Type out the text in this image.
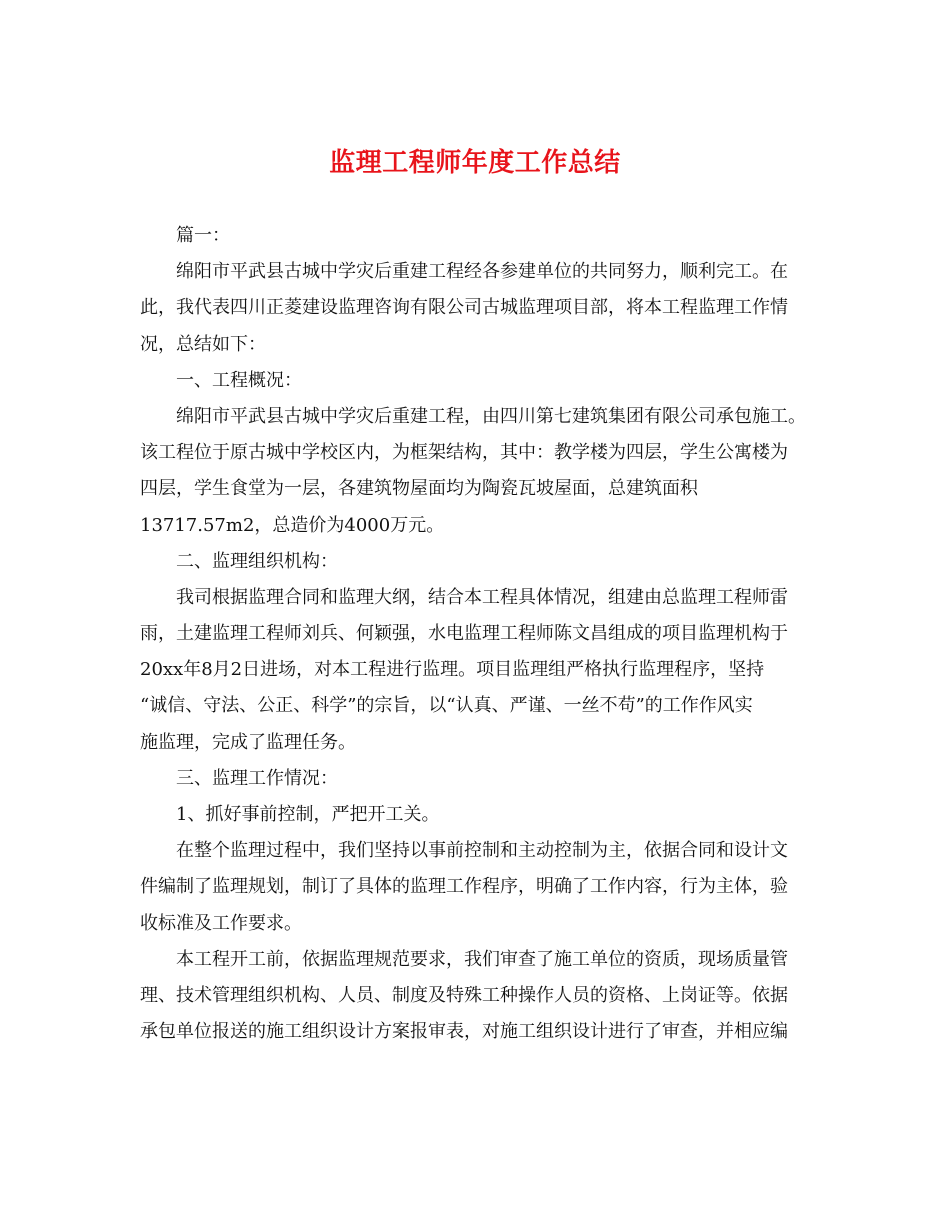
监理工程师年度工作总结
篇一：
绵阳市平武县古城中学灾后重建工程经各参建单位的共同努力，顺利完工。在
此，我代表四川正菱建设监理咨询有限公司古城监理项目部，将本工程监理工作情
况，总结如下：
一、工程概况：
绵阳市平武县古城中学灾后重建工程，由四川第七建筑集团有限公司承包施工。
该工程位于原古城中学校区内，为框架结构，其中：教学楼为四层，学生公寓楼为
四层，学生食堂为一层，各建筑物屋面均为陶瓷瓦坡屋面，总建筑面积
13717.57m2，总造价为4000万元。
二、监理组织机构：
我司根据监理合同和监理大纲，结合本工程具体情况，组建由总监理工程师雷
雨，土建监理工程师刘兵、何颖强，水电监理工程师陈文昌组成的项目监理机构于
20xx年8月2日进场，对本工程进行监理。项目监理组严格执行监理程序，坚持
“诚信、守法、公正、科学”的宗旨，以“认真、严谨、一丝不苟”的工作作风实
施监理，完成了监理任务。
三、监理工作情况：
1、抓好事前控制，严把开工关。
在整个监理过程中，我们坚持以事前控制和主动控制为主，依据合同和设计文
件编制了监理规划，制订了具体的监理工作程序，明确了工作内容，行为主体，验
收标准及工作要求。
本工程开工前，依据监理规范要求，我们审查了施工单位的资质，现场质量管
理、技术管理组织机构、人员、制度及特殊工种操作人员的资格、上岗证等。依据
承包单位报送的施工组织设计方案报审表，对施工组织设计进行了审查，并相应编
